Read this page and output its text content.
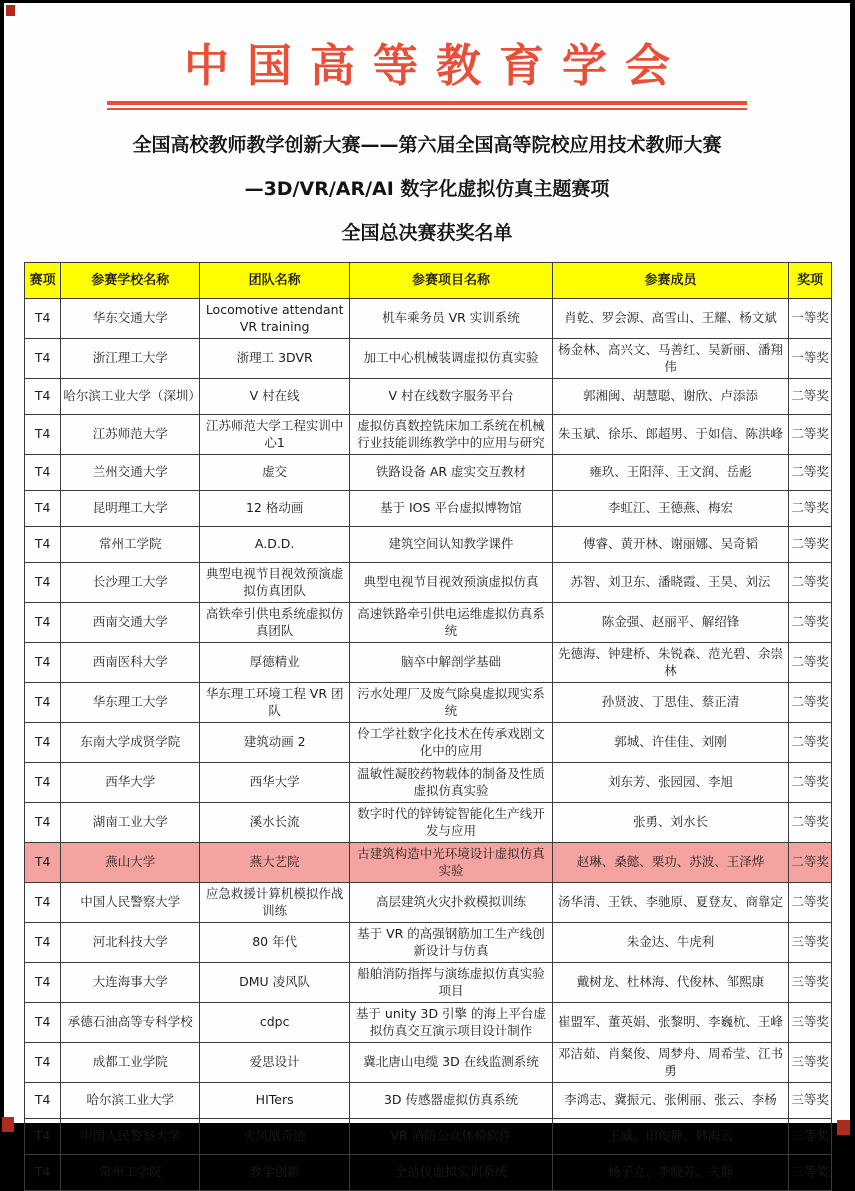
中国高等教育学会

全国高校教师教学创新大赛——第六届全国高等院校应用技术教师大赛

—3D/VR/AR/AI 数字化虚拟仿真主题赛项

全国总决赛获奖名单

赛项	参赛学校名称	团队名称	参赛项目名称	参赛成员	奖项
T4	华东交通大学	Locomotive attendant VR training	机车乘务员 VR 实训系统	肖乾、罗会源、高雪山、王耀、杨文斌	一等奖
T4	浙江理工大学	浙理工 3DVR	加工中心机械装调虚拟仿真实验	杨金林、高兴文、马善红、吴新丽、潘翔伟	一等奖
T4	哈尔滨工业大学（深圳）	V 村在线	V 村在线数字服务平台	郭湘闽、胡慧聪、谢欣、卢添添	二等奖
T4	江苏师范大学	江苏师范大学工程实训中心1	虚拟仿真数控铣床加工系统在机械行业技能训练教学中的应用与研究	朱玉斌、徐乐、郎超男、于如信、陈洪峰	二等奖
T4	兰州交通大学	虚交	铁路设备 AR 虚实交互教材	雍玖、王阳萍、王文润、岳彪	二等奖
T4	昆明理工大学	12 格动画	基于 IOS 平台虚拟博物馆	李虹江、王德燕、梅宏	二等奖
T4	常州工学院	A.D.D.	建筑空间认知教学课件	傅睿、黄开林、谢丽娜、吴奇韬	二等奖
T4	长沙理工大学	典型电视节目视效预演虚拟仿真团队	典型电视节目视效预演虚拟仿真	苏智、刘卫东、潘晓霞、王昊、刘沄	二等奖
T4	西南交通大学	高铁牵引供电系统虚拟仿真团队	高速铁路牵引供电运维虚拟仿真系统	陈金强、赵丽平、解绍锋	二等奖
T4	西南医科大学	厚德精业	脑卒中解剖学基础	先德海、钟建桥、朱锐森、范光碧、余崇林	二等奖
T4	华东理工大学	华东理工环境工程 VR 团队	污水处理厂及废气除臭虚拟现实系统	孙贤波、丁思佳、蔡正清	二等奖
T4	东南大学成贤学院	建筑动画 2	伶工学社数字化技术在传承戏剧文化中的应用	郭城、许佳佳、刘刚	二等奖
T4	西华大学	西华大学	温敏性凝胶药物载体的制备及性质虚拟仿真实验	刘东芳、张园园、李旭	二等奖
T4	湖南工业大学	溪水长流	数字时代的锌铸锭智能化生产线开发与应用	张勇、刘水长	二等奖
T4	燕山大学	燕大艺院	古建筑构造中光环境设计虚拟仿真实验	赵琳、桑懿、栗功、苏波、王泽烨	二等奖
T4	中国人民警察大学	应急救援计算机模拟作战训练	高层建筑火灾扑救模拟训练	汤华清、王铁、李驰原、夏登友、商靠定	二等奖
T4	河北科技大学	80 年代	基于 VR 的高强钢筋加工生产线创新设计与仿真	朱金达、牛虎利	三等奖
T4	大连海事大学	DMU 凌风队	船舶消防指挥与演练虚拟仿真实验项目	戴树龙、杜林海、代俊林、邹熙康	三等奖
T4	承德石油高等专科学校	cdpc	基于 unity 3D 引擎 的海上平台虚拟仿真交互演示项目设计制作	崔盟军、董英娟、张黎明、李巍杭、王峰	三等奖
T4	成都工业学院	爱思设计	冀北唐山电缆 3D 在线监测系统	邓洁茹、肖粲俊、周梦舟、周希莹、江书勇	三等奖
T4	哈尔滨工业大学	HITers	3D 传感器虚拟仿真系统	李鸿志、冀振元、张俐丽、张云、李杨	三等奖
T4	中国人民警察大学	火凤凰奇迹	VR 消防公众体验软件	王威、田俊静、韩海云	三等奖
T4	常州工学院	教学创新	全站仪虚拟实训系统	杨子立、李晓芳、关静	三等奖
